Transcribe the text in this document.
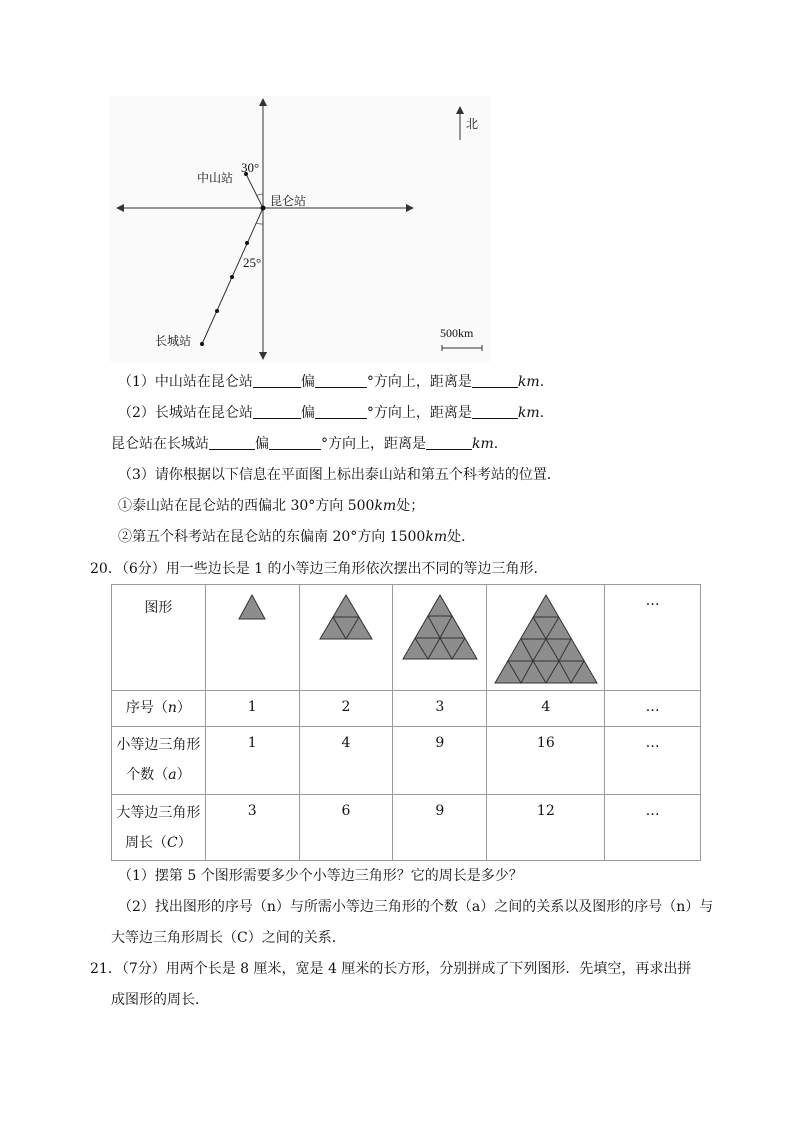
30°
25°
中山站
昆仑站
长城站
北
500km
（1）中山站在昆仑站	偏	°方向上，距离是	km.
（2）长城站在昆仑站	偏	°方向上，距离是	km.
昆仑站在长城站	偏	°方向上，距离是	km.
（3）请你根据以下信息在平面图上标出泰山站和第五个科考站的位置．
①泰山站在昆仑站的西偏北 30°方向 500km处；
②第五个科考站在昆仑站的东偏南 20°方向 1500km处．
20．（6分）用一些边长是 1 的小等边三角形依次摆出不同的等边三角形．
图形					…
序号（n）	1	2	3	4	…
小等边三角形
个数（a）	1	4	9	16	…
大等边三角形
周长（C）	3	6	9	12	…
（1）摆第 5 个图形需要多少个小等边三角形？它的周长是多少？
（2）找出图形的序号（n）与所需小等边三角形的个数（a）之间的关系以及图形的序号（n）与
大等边三角形周长（C）之间的关系．
21．（7分）用两个长是 8 厘米，宽是 4 厘米的长方形，分别拼成了下列图形．先填空，再求出拼
成图形的周长．
